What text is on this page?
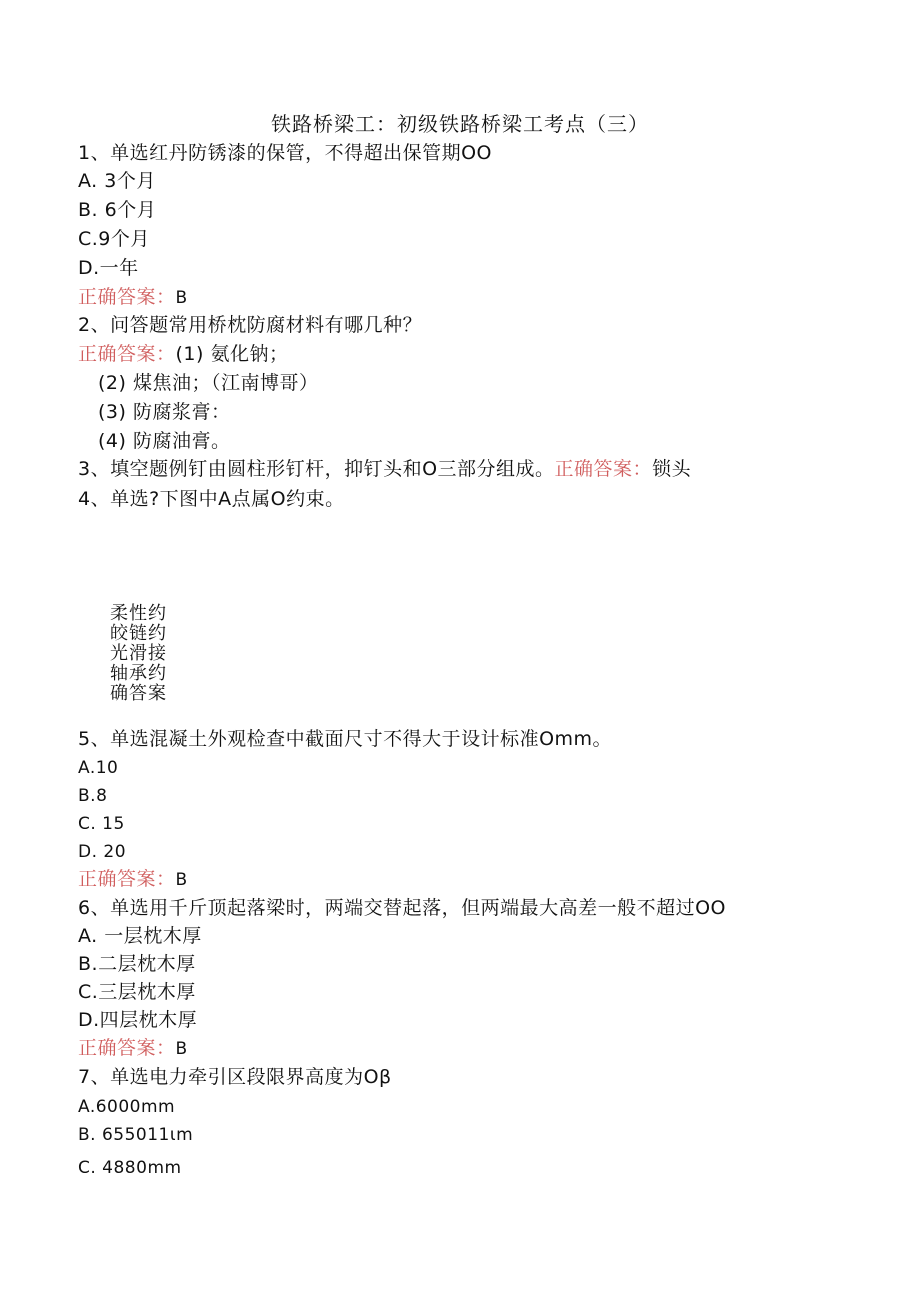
铁路桥梁工：初级铁路桥梁工考点（三）
1、单选红丹防锈漆的保管，不得超出保管期OO
A. 3个月
B. 6个月
C.9个月
D.一年
正确答案：B
2、问答题常用桥枕防腐材料有哪几种？
正确答案：(1) 氨化钠；
(2) 煤焦油；（江南博哥）
(3) 防腐浆膏：
(4) 防腐油膏。
3、填空题例钉由圆柱形钉杆，抑钉头和O三部分组成。正确答案：锁头
4、单选?下图中A点属O约束。
柔性约
皎链约
光滑接
轴承约
确答案
5、单选混凝土外观检查中截面尺寸不得大于设计标准Omm。
A.10
B.8
C. 15
D. 20
正确答案：B
6、单选用千斤顶起落梁时，两端交替起落，但两端最大高差一般不超过OO
A. 一层枕木厚
B.二层枕木厚
C.三层枕木厚
D.四层枕木厚
正确答案：B
7、单选电力牵引区段限界高度为Oβ
A.6000mm
B. 655011ιm
C. 4880mm
